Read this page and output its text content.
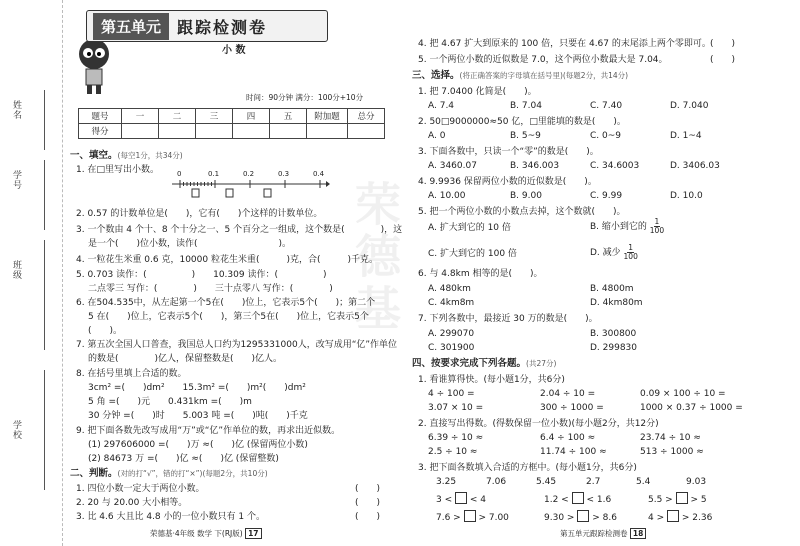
姓名
学号
班级
学校
第五单元	跟踪检测卷
小 数
时间：90分钟 满分：100分+10分
题号	一	二	三	四	五	附加题	总分
得分							
一、填空。(每空1分，共34分)
1. 在□里写出小数。	0	0.1	0.2	0.3	0.4
2. 0.57 的计数单位是(　　)，它有(　　)个这样的计数单位。
3. 一个数由 4 个十、8 个十分之一、5 个百分之一组成，这个数是(　　　　)，这
是一个(　　)位小数，读作(　　　　　　　　　)。
4. 一粒花生米重 0.6 克，10000 粒花生米重(　　　)克，合(　　　)千克。
5. 0.703 读作：(　　　　　)　　10.309 读作：(　　　　　)
二点零三 写作：(　　　　)　　三十点零八 写作：(　　　　)
6. 在504.535中，从左起第一个5在(　　)位上，它表示5个(　　)；第二个
5 在(　　)位上，它表示5个(　　)，第三个5在(　　)位上，它表示5个
(　　)。
7. 第五次全国人口普查，我国总人口约为1295331000人，改写成用“亿”作单位
的数是(　　　　)亿人，保留整数是(　　)亿人。
8. 在括号里填上合适的数。
3cm² =(　　)dm²　　15.3m² =(　　)m²(　　)dm²
5 角 =(　　)元　　0.431km =(　　)m
30 分钟 =(　　)时　　5.003 吨 =(　　)吨(　　)千克
9. 把下面各数先改写成用“万”或“亿”作单位的数，再求出近似数。
(1) 297606000 =(　　)万 ≈(　　)亿 (保留两位小数)
(2) 84673 万 =(　　)亿 ≈(　　)亿 (保留整数)
二、判断。(对的打“√”，错的打“×”)(每题2分，共10分)
1. 四位小数一定大于两位小数。	(　　)
2. 20 与 20.00 大小相等。	(　　)
3. 比 4.6 大且比 4.8 小的一位小数只有 1 个。	(　　)
荣德基·4年级 数学 下(RJ版) 17
荣德基
4. 把 4.67 扩大到原来的 100 倍，只要在 4.67 的末尾添上两个零即可。 (　　)
5. 一个两位小数的近似数是 7.0，这个两位小数最大是 7.04。	(　　)
三、选择。(将正确答案的字母填在括号里)(每题2分，共14分)
1. 把 7.0400 化简是(　　)。
A. 7.4	B. 7.04	C. 7.40	D. 7.040
2. 50□9000000≈50 亿，□里能填的数是(　　)。
A. 0	B. 5~9	C. 0~9	D. 1~4
3. 下面各数中，只读一个“零”的数是(　　)。
A. 3460.07	B. 346.003	C. 34.6003	D. 3406.03
4. 9.9936 保留两位小数的近似数是(　　)。
A. 10.00	B. 9.00	C. 9.99	D. 10.0
5. 把一个两位小数的小数点去掉，这个数就(　　)。
A. 扩大到它的 10 倍	B. 缩小到它的 $\frac{1}{100}$
C. 扩大到它的 100 倍	D. 减少 $\frac{1}{100}$
6. 与 4.8km 相等的是(　　)。
A. 480km	B. 4800m
C. 4km8m	D. 4km80m
7. 下列各数中，最接近 30 万的数是(　　)。
A. 299070	B. 300800
C. 301900	D. 299830
四、按要求完成下列各题。(共27分)
1. 看谁算得快。(每小题1分，共6分)
4 ÷ 100 =	2.04 ÷ 10 =	0.09 × 100 ÷ 10 =
3.07 × 10 =	300 ÷ 1000 =	1000 × 0.37 ÷ 1000 =
2. 直接写出得数。(得数保留一位小数)(每小题2分，共12分)
6.39 ÷ 10 ≈	6.4 ÷ 100 ≈	23.74 ÷ 10 ≈
2.5 ÷ 10 ≈	11.74 ÷ 100 ≈	513 ÷ 1000 ≈
3. 把下面各数填入合适的方框中。(每小题1分，共6分)
3.25	7.06	5.45	2.7	5.4	9.03
3 < < 4	1.2 < < 1.6	5.5 > > 5
7.6 > > 7.00	9.30 > > 8.6	4 > > 2.36
第五单元跟踪检测卷 18
